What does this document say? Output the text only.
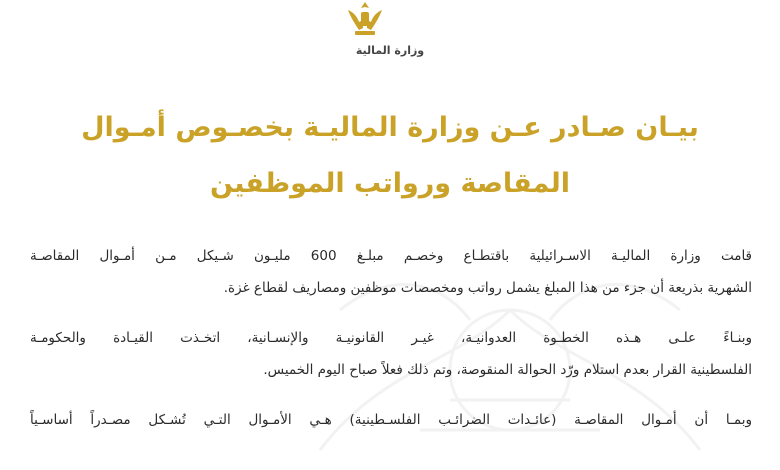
وزارة المالية
بيـان صـادر عـن وزارة الماليـة بخصـوص أمـوال
المقاصة ورواتب الموظفين
قامت وزارة الماليـة الاسـرائيلية باقتطـاع وخصـم مبلـغ 600 مليـون شـيكل مـن أمـوال المقاصـة
الشهرية بذريعة أن جزء من هذا المبلغ يشمل رواتب ومخصصات موظفين ومصاريف لقطاع غزة.
وبنـاءً علـى هـذه الخطـوة العدوانيـة، غيـر القانونيـة والإنسـانية، اتخـذت القيـادة والحكومـة
الفلسطينية القرار بعدم استلام ورّد الحوالة المنقوصة، وتم ذلك فعلاً صباح اليوم الخميس.
وبمـا أن أمـوال المقاصـة (عائـدات الضرائـب الفلسـطينية) هـي الأمـوال التـي تُشـكل مصـدراً أساسـياً
